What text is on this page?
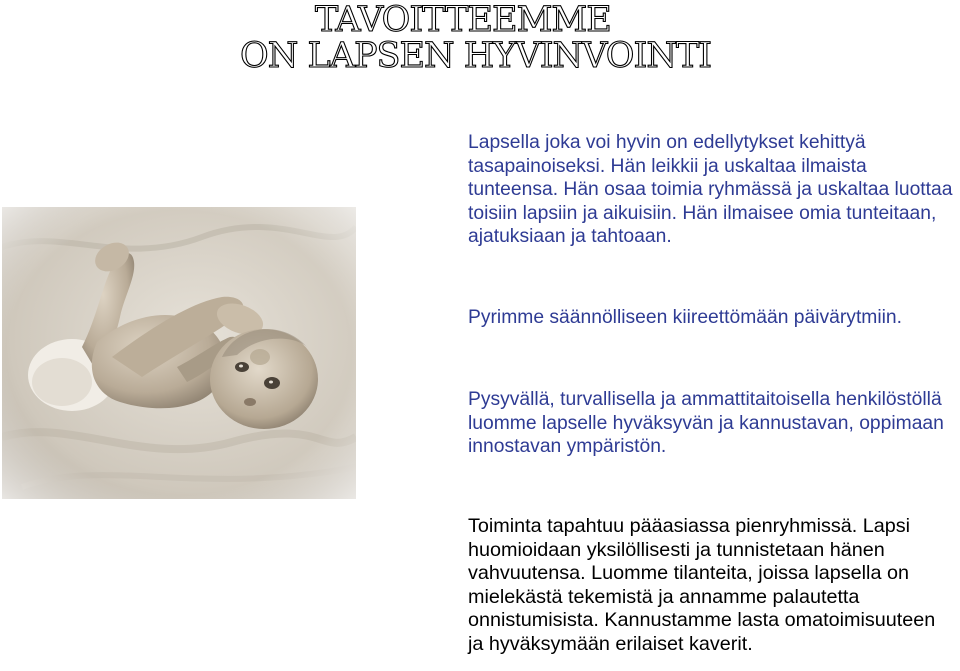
TAVOITTEEMME
ON LAPSEN HYVINVOINTI

Lapsella joka voi hyvin on edellytykset kehittyä tasapainoiseksi. Hän leikkii ja uskaltaa ilmaista tunteensa. Hän osaa toimia ryhmässä ja uskaltaa luottaa toisiin lapsiin ja aikuisiin. Hän ilmaisee omia tunteitaan, ajatuksiaan ja tahtoaan.

Pyrimme säännölliseen kiireettömään päivärytmiin.

Pysyvällä, turvallisella ja ammattitaitoisella henkilöstöllä luomme lapselle hyväksyvän ja kannustavan, oppimaan innostavan ympäristön.

Toiminta tapahtuu pääasiassa pienryhmissä. Lapsi huomioidaan yksilöllisesti ja tunnistetaan hänen vahvuutensa. Luomme tilanteita, joissa lapsella on mielekästä tekemistä ja annamme palautetta onnistumisista. Kannustamme lasta omatoimisuuteen ja hyväksymään erilaiset kaverit.
